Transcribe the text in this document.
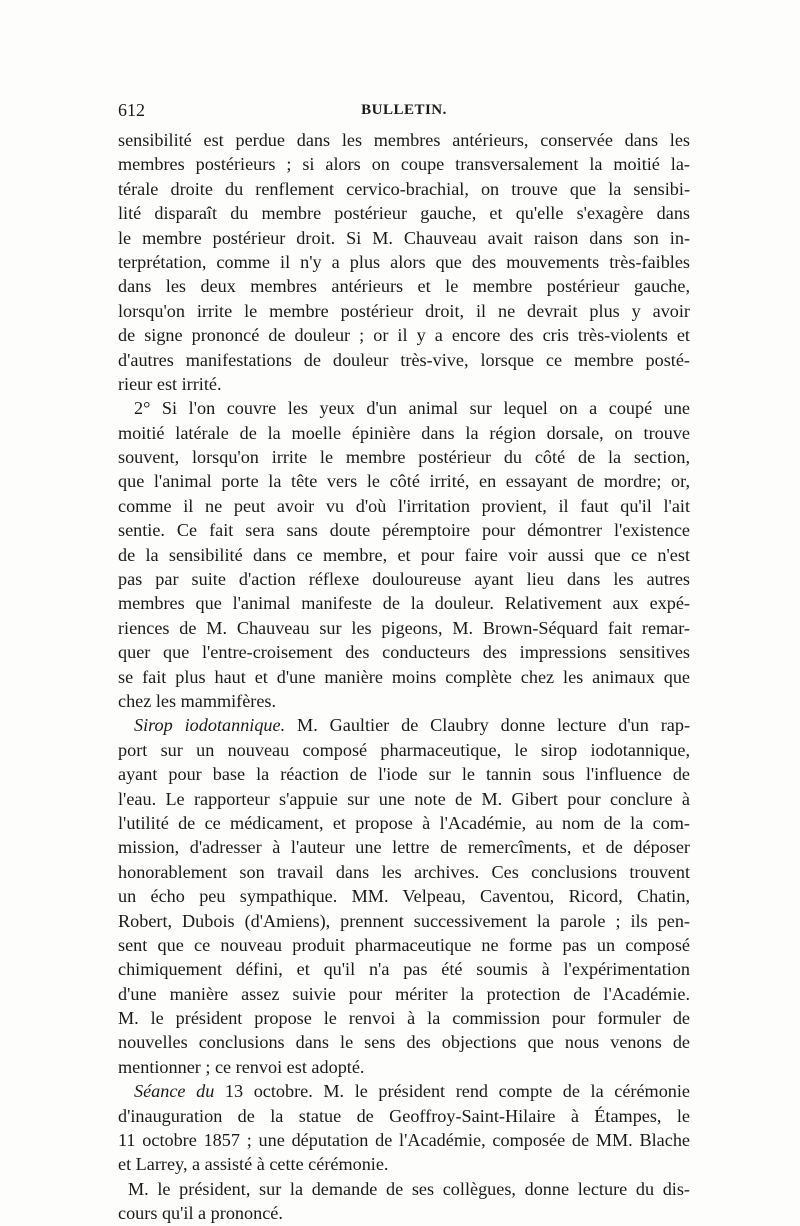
612	BULLETIN.
sensibilité est perdue dans les membres antérieurs, conservée dans les
membres postérieurs ; si alors on coupe transversalement la moitié la-
térale droite du renflement cervico-brachial, on trouve que la sensibi-
lité disparaît du membre postérieur gauche, et qu'elle s'exagère dans
le membre postérieur droit. Si M. Chauveau avait raison dans son in-
terprétation, comme il n'y a plus alors que des mouvements très-faibles
dans les deux membres antérieurs et le membre postérieur gauche,
lorsqu'on irrite le membre postérieur droit, il ne devrait plus y avoir
de signe prononcé de douleur ; or il y a encore des cris très-violents et
d'autres manifestations de douleur très-vive, lorsque ce membre posté-
rieur est irrité.
2° Si l'on couvre les yeux d'un animal sur lequel on a coupé une
moitié latérale de la moelle épinière dans la région dorsale, on trouve
souvent, lorsqu'on irrite le membre postérieur du côté de la section,
que l'animal porte la tête vers le côté irrité, en essayant de mordre; or,
comme il ne peut avoir vu d'où l'irritation provient, il faut qu'il l'ait
sentie. Ce fait sera sans doute péremptoire pour démontrer l'existence
de la sensibilité dans ce membre, et pour faire voir aussi que ce n'est
pas par suite d'action réflexe douloureuse ayant lieu dans les autres
membres que l'animal manifeste de la douleur. Relativement aux expé-
riences de M. Chauveau sur les pigeons, M. Brown-Séquard fait remar-
quer que l'entre-croisement des conducteurs des impressions sensitives
se fait plus haut et d'une manière moins complète chez les animaux que
chez les mammifères.
Sirop iodotannique. M. Gaultier de Claubry donne lecture d'un rap-
port sur un nouveau composé pharmaceutique, le sirop iodotannique,
ayant pour base la réaction de l'iode sur le tannin sous l'influence de
l'eau. Le rapporteur s'appuie sur une note de M. Gibert pour conclure à
l'utilité de ce médicament, et propose à l'Académie, au nom de la com-
mission, d'adresser à l'auteur une lettre de remercîments, et de déposer
honorablement son travail dans les archives. Ces conclusions trouvent
un écho peu sympathique. MM. Velpeau, Caventou, Ricord, Chatin,
Robert, Dubois (d'Amiens), prennent successivement la parole ; ils pen-
sent que ce nouveau produit pharmaceutique ne forme pas un composé
chimiquement défini, et qu'il n'a pas été soumis à l'expérimentation
d'une manière assez suivie pour mériter la protection de l'Académie.
M. le président propose le renvoi à la commission pour formuler de
nouvelles conclusions dans le sens des objections que nous venons de
mentionner ; ce renvoi est adopté.
Séance du 13 octobre. M. le président rend compte de la cérémonie
d'inauguration de la statue de Geoffroy-Saint-Hilaire à Étampes, le
11 octobre 1857 ; une députation de l'Académie, composée de MM. Blache
et Larrey, a assisté à cette cérémonie.
M. le président, sur la demande de ses collègues, donne lecture du dis-
cours qu'il a prononcé.
